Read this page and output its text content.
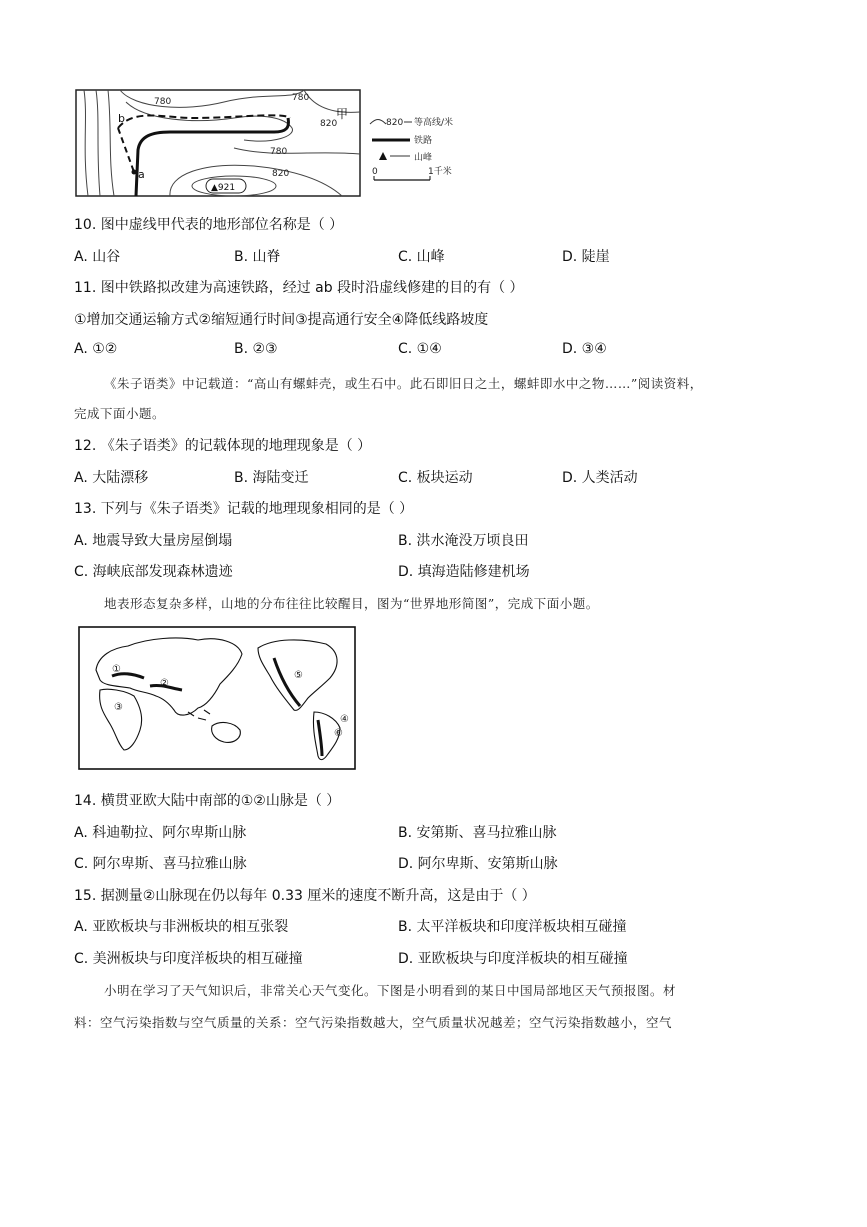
780	780
780
820
820
a
b	甲
▲921
820 等高线/米
铁路
山峰
0	1千米
10. 图中虚线甲代表的地形部位名称是（ ）
A. 山谷	B. 山脊	C. 山峰	D. 陡崖
11. 图中铁路拟改建为高速铁路，经过 ab 段时沿虚线修建的目的有（ ）
①增加交通运输方式②缩短通行时间③提高通行安全④降低线路坡度
A. ①②	B. ②③	C. ①④	D. ③④
《朱子语类》中记载道：“高山有螺蚌壳，或生石中。此石即旧日之土，螺蚌即水中之物……”阅读资料，
完成下面小题。
12. 《朱子语类》的记载体现的地理现象是（ ）
A. 大陆漂移	B. 海陆变迁	C. 板块运动	D. 人类活动
13. 下列与《朱子语类》记载的地理现象相同的是（ ）
A. 地震导致大量房屋倒塌	B. 洪水淹没万顷良田
C. 海峡底部发现森林遗迹	D. 填海造陆修建机场
地表形态复杂多样，山地的分布往往比较醒目，图为“世界地形简图”，完成下面小题。
①
②
③
④
⑤
⑥
14. 横贯亚欧大陆中南部的①②山脉是（ ）
A. 科迪勒拉、阿尔卑斯山脉	B. 安第斯、喜马拉雅山脉
C. 阿尔卑斯、喜马拉雅山脉	D. 阿尔卑斯、安第斯山脉
15. 据测量②山脉现在仍以每年 0.33 厘米的速度不断升高，这是由于（ ）
A. 亚欧板块与非洲板块的相互张裂	B. 太平洋板块和印度洋板块相互碰撞
C. 美洲板块与印度洋板块的相互碰撞	D. 亚欧板块与印度洋板块的相互碰撞
小明在学习了天气知识后，非常关心天气变化。下图是小明看到的某日中国局部地区天气预报图。材
料：空气污染指数与空气质量的关系：空气污染指数越大，空气质量状况越差；空气污染指数越小，空气
